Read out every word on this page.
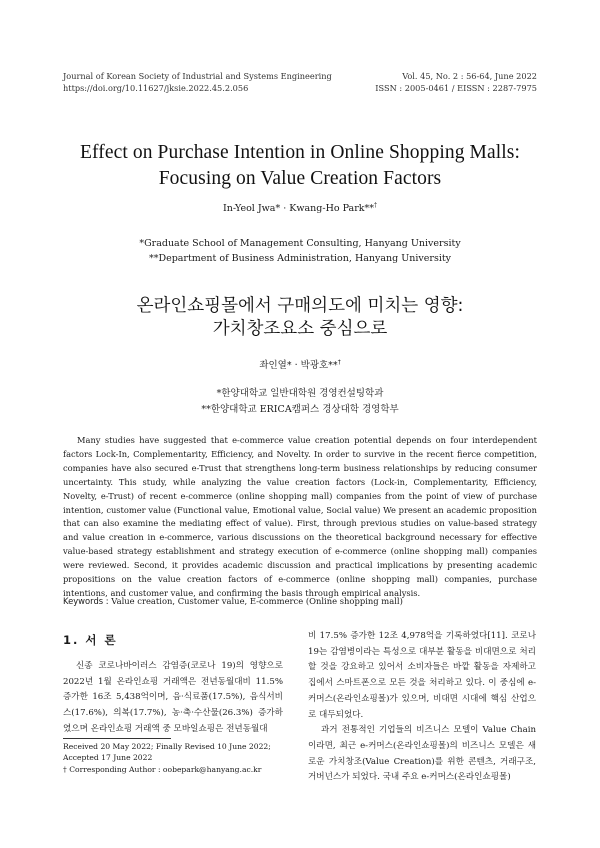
Journal of Korean Society of Industrial and Systems Engineering
https://doi.org/10.11627/jksie.2022.45.2.056
Vol. 45, No. 2 : 56-64, June 2022
ISSN : 2005-0461 / EISSN : 2287-7975
Effect on Purchase Intention in Online Shopping Malls:
Focusing on Value Creation Factors
In-Yeol Jwa* · Kwang-Ho Park**†
*Graduate School of Management Consulting, Hanyang University
**Department of Business Administration, Hanyang University
온라인쇼핑몰에서 구매의도에 미치는 영향:
가치창조요소 중심으로
좌인열* · 박광호**†
*한양대학교 일반대학원 경영컨설팅학과
**한양대학교 ERICA캠퍼스 경상대학 경영학부

Many studies have suggested that e-commerce value creation potential depends on four interdependent factors Lock-In, Complementarity, Efficiency, and Novelty. In order to survive in the recent fierce competition, companies have also secured e-Trust that strengthens long-term business relationships by reducing consumer uncertainty. This study, while analyzing the value creation factors (Lock-in, Complementarity, Efficiency, Novelty, e-Trust) of recent e-commerce (online shopping mall) companies from the point of view of purchase intention, customer value (Functional value, Emotional value, Social value) We present an academic proposition that can also examine the mediating effect of value). First, through previous studies on value-based strategy and value creation in e-commerce, various discussions on the theoretical background necessary for effective value-based strategy establishment and strategy execution of e-commerce (online shopping mall) companies were reviewed. Second, it provides academic discussion and practical implications by presenting academic propositions on the value creation factors of e-commerce (online shopping mall) companies, purchase intentions, and customer value, and confirming the basis through empirical analysis.

Keywords : Value creation, Customer value, E-commerce (Online shopping mall)
1. 서 론

신종 코로나바이러스 감염증(코로나 19)의 영향으로 2022년 1월 온라인쇼핑 거래액은 전년동월대비 11.5% 증가한 16조 5,438억이며, 음·식료품(17.5%), 음식서비스(17.6%), 의복(17.7%), 농·축·수산물(26.3%) 증가하였으며 온라인쇼핑 거래액 중 모바일쇼핑은 전년동월대

비 17.5% 증가한 12조 4,978억을 기록하였다[11]. 코로나 19는 감염병이라는 특성으로 대부분 활동을 비대면으로 처리할 것을 강요하고 있어서 소비자들은 바깥 활동을 자제하고 집에서 스마트폰으로 모든 것을 처리하고 있다. 이 중심에 e-커머스(온라인쇼핑몰)가 있으며, 비대면 시대에 핵심 산업으로 대두되었다.

과거 전통적인 기업들의 비즈니스 모델이 Value Chain 이라면, 최근 e-커머스(온라인쇼핑몰)의 비즈니스 모델은 새로운 가치창조(Value Creation)를 위한 콘텐츠, 거래구조, 거버넌스가 되었다. 국내 주요 e-커머스(온라인쇼핑몰)

Received 20 May 2022; Finally Revised 10 June 2022;
Accepted 17 June 2022
† Corresponding Author : oobepark@hanyang.ac.kr
